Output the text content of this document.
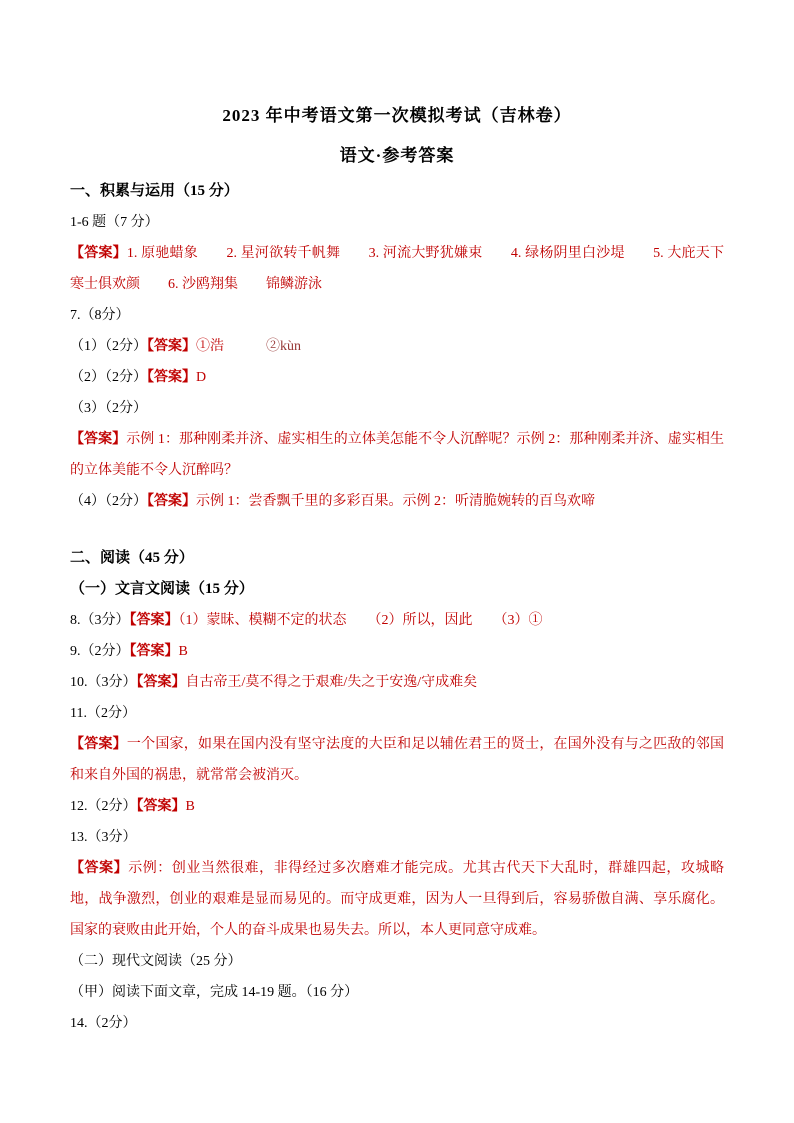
2023 年中考语文第一次模拟考试（吉林卷）

语文·参考答案

一、积累与运用（15 分）

1-6 题（7 分）

【答案】1. 原驰蜡象　　2. 星河欲转千帆舞　　3. 河流大野犹嫌束　　4. 绿杨阴里白沙堤　　5. 大庇天下寒士俱欢颜　　6. 沙鸥翔集　　锦鳞游泳

7.（8分）

（1）（2分）【答案】①浩　　　②kùn

（2）（2分）【答案】D

（3）（2分）

【答案】示例 1：那种刚柔并济、虚实相生的立体美怎能不令人沉醉呢？示例 2：那种刚柔并济、虚实相生的立体美能不令人沉醉吗？

（4）（2分）【答案】示例 1：尝香飘千里的多彩百果。示例 2：听清脆婉转的百鸟欢啼

二、阅读（45 分）

（一）文言文阅读（15 分）

8.（3分）【答案】（1）蒙昧、模糊不定的状态　　（2）所以，因此　　（3）①

9.（2分）【答案】B

10.（3分）【答案】自古帝王/莫不得之于艰难/失之于安逸/守成难矣

11.（2分）

【答案】一个国家，如果在国内没有坚守法度的大臣和足以辅佐君王的贤士，在国外没有与之匹敌的邻国和来自外国的祸患，就常常会被消灭。

12.（2分）【答案】B

13.（3分）

【答案】示例：创业当然很难，非得经过多次磨难才能完成。尤其古代天下大乱时，群雄四起，攻城略地，战争激烈，创业的艰难是显而易见的。而守成更难，因为人一旦得到后，容易骄傲自满、享乐腐化。国家的衰败由此开始，个人的奋斗成果也易失去。所以，本人更同意守成难。

（二）现代文阅读（25 分）

（甲）阅读下面文章，完成 14-19 题。（16 分）

14.（2分）
